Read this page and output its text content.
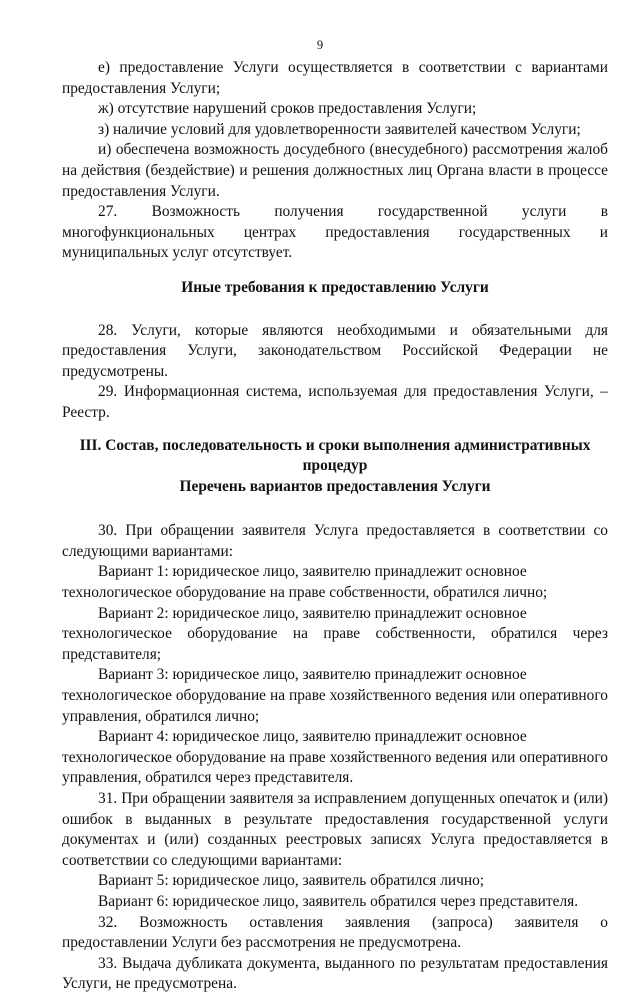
9

е) предоставление Услуги осуществляется в соответствии с вариантами предоставления Услуги;

ж) отсутствие нарушений сроков предоставления Услуги;

з) наличие условий для удовлетворенности заявителей качеством Услуги;

и) обеспечена возможность досудебного (внесудебного) рассмотрения жалоб на действия (бездействие) и решения должностных лиц Органа власти в процессе предоставления Услуги.

27. Возможность получения государственной услуги в многофункциональных центрах предоставления государственных и муниципальных услуг отсутствует.

Иные требования к предоставлению Услуги

28. Услуги, которые являются необходимыми и обязательными для предоставления Услуги, законодательством Российской Федерации не предусмотрены.

29. Информационная система, используемая для предоставления Услуги, – Реестр.

III. Состав, последовательность и сроки выполнения административных процедур

Перечень вариантов предоставления Услуги

30. При обращении заявителя Услуга предоставляется в соответствии со следующими вариантами:

Вариант 1:
юридическое лицо, заявителю принадлежит основное

технологическое оборудование на праве собственности, обратился лично;

Вариант 2:
юридическое лицо, заявителю принадлежит основное

технологическое оборудование на праве собственности, обратился через представителя;

Вариант 3:
юридическое лицо, заявителю принадлежит основное

технологическое оборудование на праве хозяйственного ведения или оперативного управления, обратился лично;

Вариант 4:
юридическое лицо, заявителю принадлежит основное

технологическое оборудование на праве хозяйственного ведения или оперативного управления, обратился через представителя.

31. При обращении заявителя за исправлением допущенных опечаток и (или) ошибок в выданных в результате предоставления государственной услуги документах и (или) созданных реестровых записях Услуга предоставляется в соответствии со следующими вариантами:

Вариант 5: юридическое лицо, заявитель обратился лично;

Вариант 6: юридическое лицо, заявитель обратился через представителя.

32. Возможность оставления заявления (запроса) заявителя о предоставлении Услуги без рассмотрения не предусмотрена.

33. Выдача дубликата документа, выданного по результатам предоставления Услуги, не предусмотрена.
